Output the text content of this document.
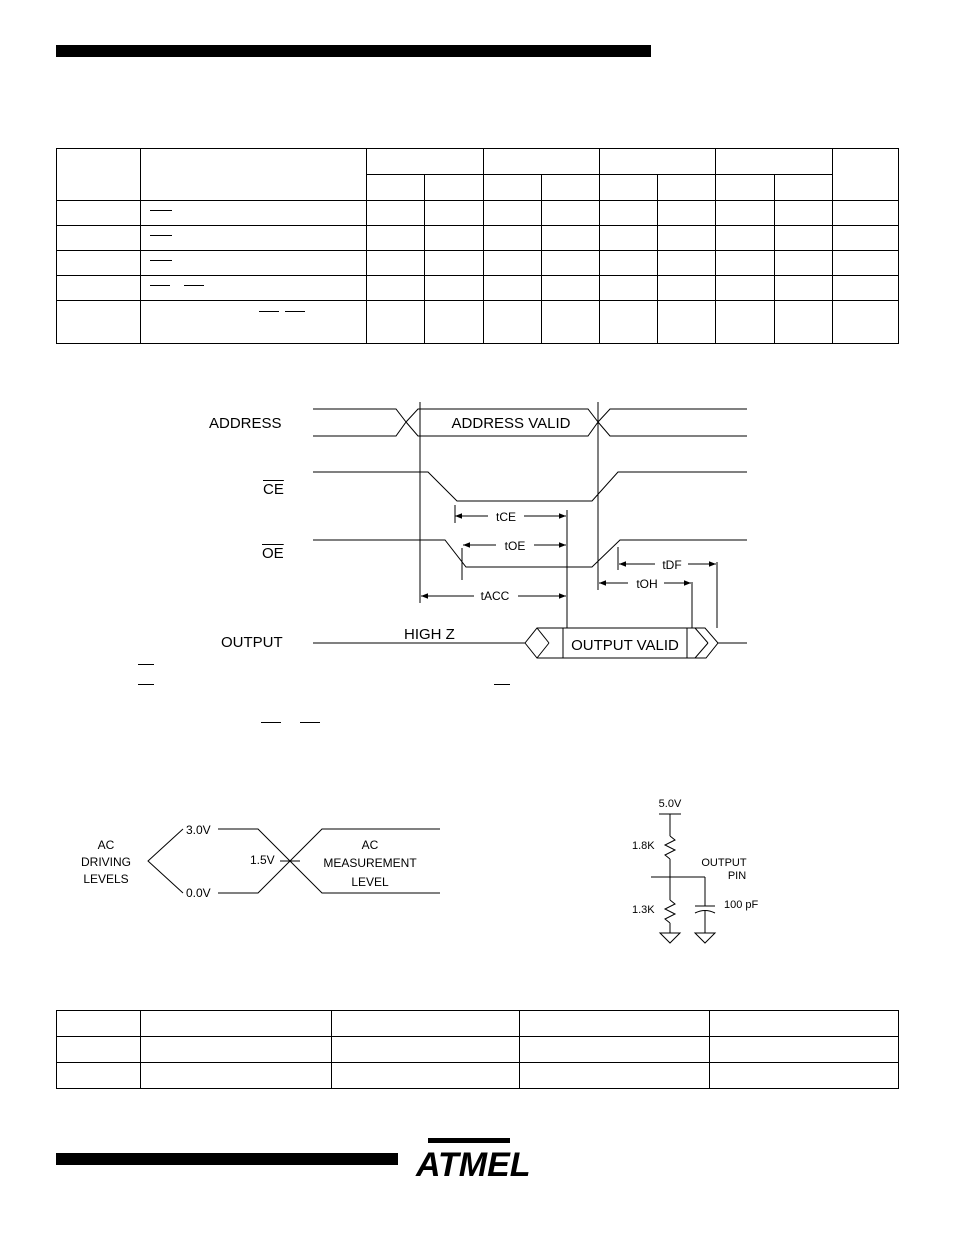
ADDRESS
$\overline{CE}$
$\overline{OE}$
OUTPUT
ADDRESS VALID
OUTPUT VALID
HIGH Z
tCE
tOE
tACC
tDF
tOH
AC
DRIVING
LEVELS
3.0V
1.5V
0.0V
AC
MEASUREMENT
LEVEL
5.0V
1.8K
1.3K
OUTPUT
PIN
100 pF

ATMEL
